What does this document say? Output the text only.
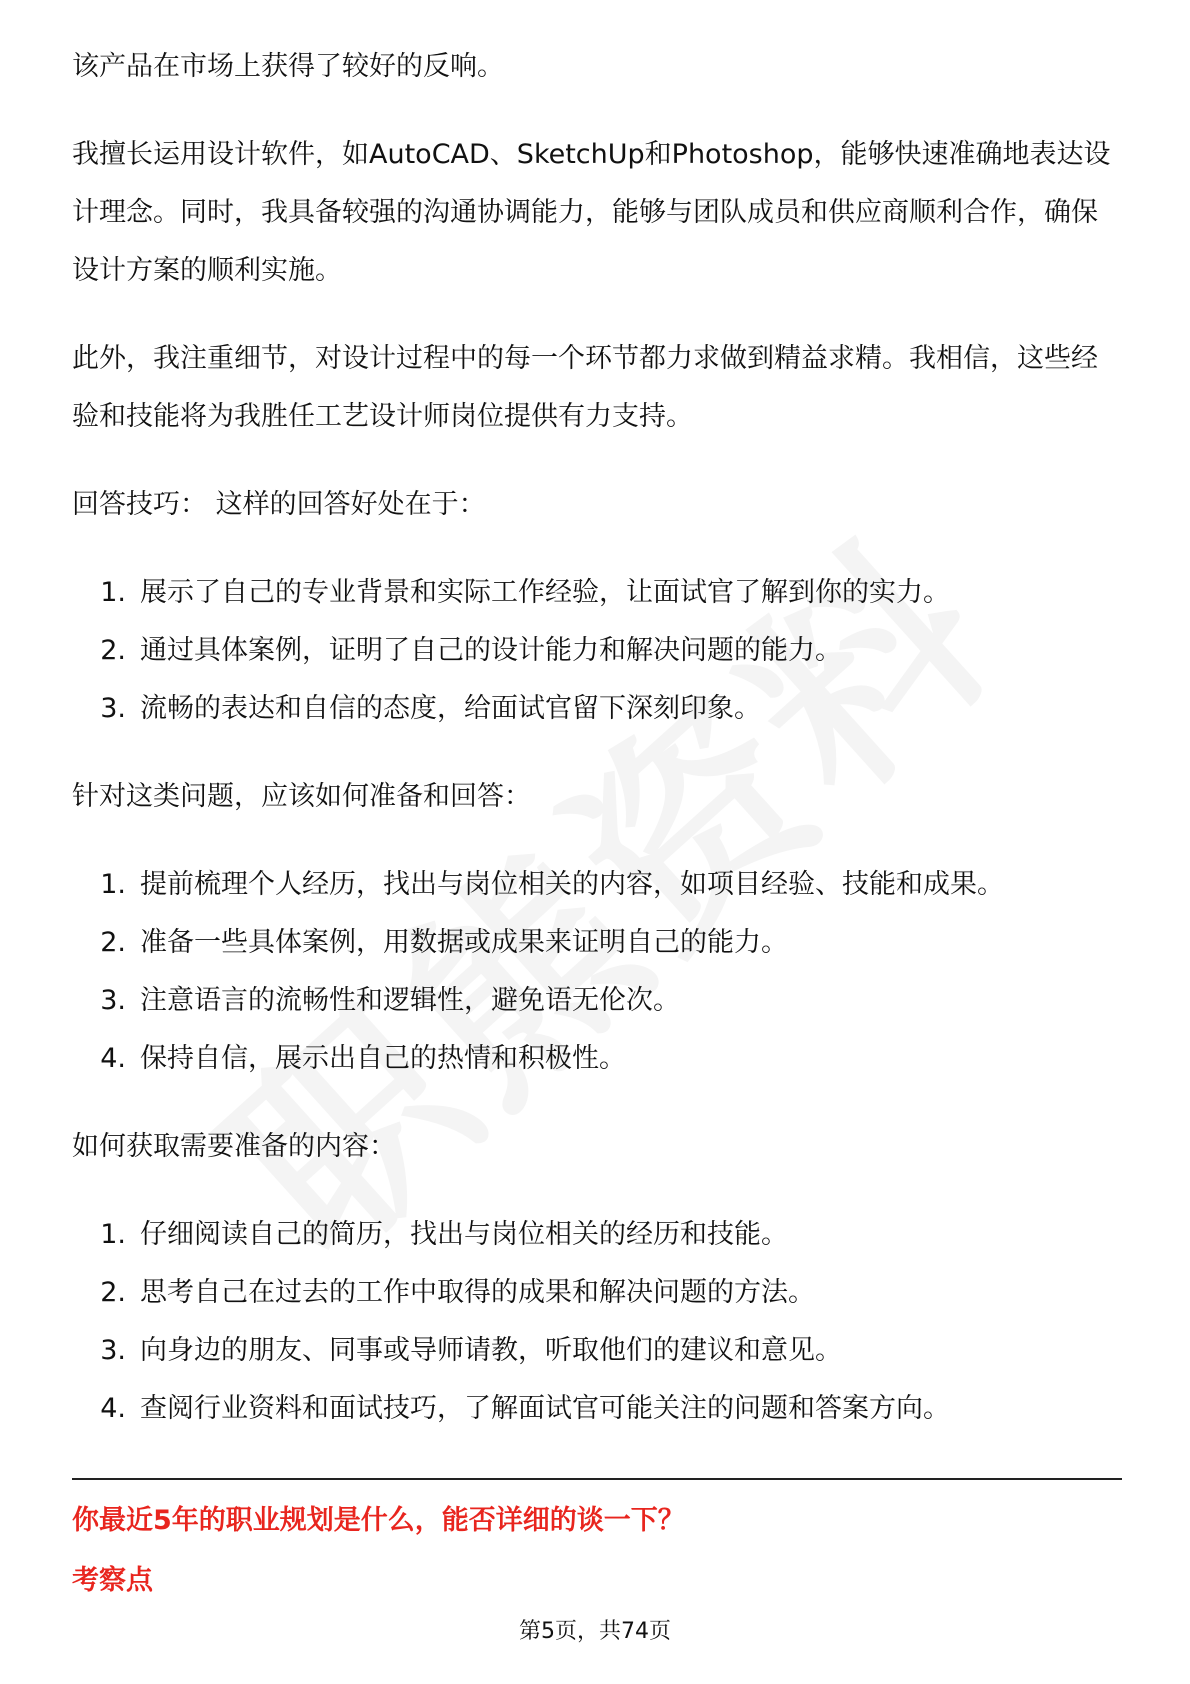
该产品在市场上获得了较好的反响。

我擅长运用设计软件，如AutoCAD、SketchUp和Photoshop，能够快速准确地表达设计理念。同时，我具备较强的沟通协调能力，能够与团队成员和供应商顺利合作，确保设计方案的顺利实施。

此外，我注重细节，对设计过程中的每一个环节都力求做到精益求精。我相信，这些经验和技能将为我胜任工艺设计师岗位提供有力支持。

回答技巧： 这样的回答好处在于：

1. 展示了自己的专业背景和实际工作经验，让面试官了解到你的实力。
2. 通过具体案例，证明了自己的设计能力和解决问题的能力。
3. 流畅的表达和自信的态度，给面试官留下深刻印象。

针对这类问题，应该如何准备和回答：

1. 提前梳理个人经历，找出与岗位相关的内容，如项目经验、技能和成果。
2. 准备一些具体案例，用数据或成果来证明自己的能力。
3. 注意语言的流畅性和逻辑性，避免语无伦次。
4. 保持自信，展示出自己的热情和积极性。

如何获取需要准备的内容：

1. 仔细阅读自己的简历，找出与岗位相关的经历和技能。
2. 思考自己在过去的工作中取得的成果和解决问题的方法。
3. 向身边的朋友、同事或导师请教，听取他们的建议和意见。
4. 查阅行业资料和面试技巧，了解面试官可能关注的问题和答案方向。
你最近5年的职业规划是什么，能否详细的谈一下？
考察点
第5页，共74页
